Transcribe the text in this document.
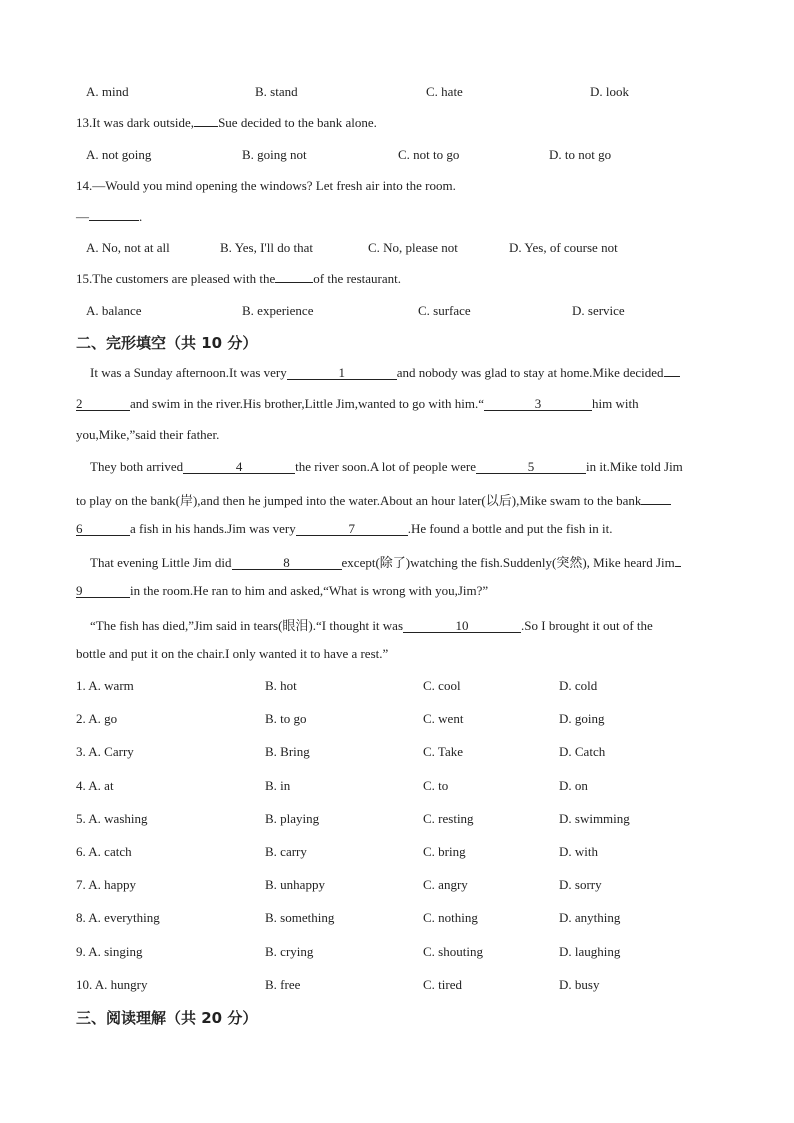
A. mind	B. stand	C. hate	D. look
13.It was dark outside, Sue decided to the bank alone.
A. not going	B. going not	C. not to go	D. to not go
14.—Would you mind opening the windows? Let fresh air into the room.
—	.
A. No, not at all	B. Yes, I'll do that	C. No, please not	D. Yes, of course not
15.The customers are pleased with the	of the restaurant.
A. balance	B. experience	C. surface	D. service
二、完形填空（共 10 分）
It was a Sunday afternoon.It was very	1	and nobody was glad to stay at home.Mike decided
2	and swim in the river.His brother,Little Jim,wanted to go with him.“	3	him with
you,Mike,”said their father.
They both arrived	4	the river soon.A lot of people were	5	in it.Mike told Jim
to play on the bank(岸),and then he jumped into the water.About an hour later(以后),Mike swam to the bank
6	a fish in his hands.Jim was very	7	.He found a bottle and put the fish in it.
That evening Little Jim did	8	except(除了)watching the fish.Suddenly(突然), Mike heard Jim
9	in the room.He ran to him and asked,“What is wrong with you,Jim?”
“The fish has died,”Jim said in tears(眼泪).“I thought it was	10	.So I brought it out of the
bottle and put it on the chair.I only wanted it to have a rest.”
1. A. warm	B. hot	C. cool	D. cold
2. A. go	B. to go	C. went	D. going
3. A. Carry	B. Bring	C. Take	D. Catch
4. A. at	B. in	C. to	D. on
5. A. washing	B. playing	C. resting	D. swimming
6. A. catch	B. carry	C. bring	D. with
7. A. happy	B. unhappy	C. angry	D. sorry
8. A. everything	B. something	C. nothing	D. anything
9. A. singing	B. crying	C. shouting	D. laughing
10. A. hungry	B. free	C. tired	D. busy
三、阅读理解（共 20 分）
